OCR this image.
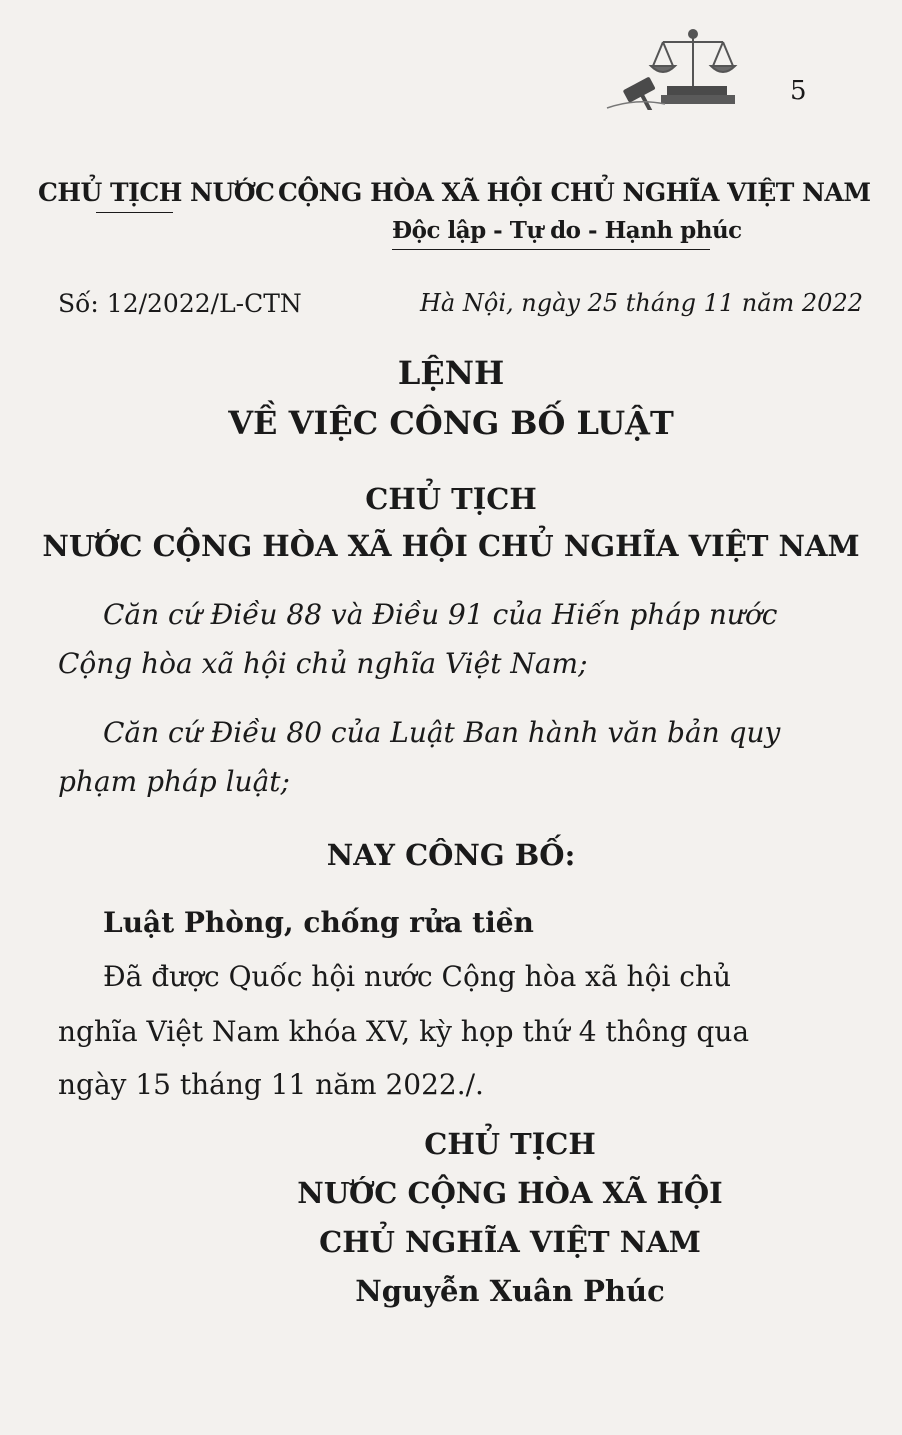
5
CHỦ TỊCH NƯỚC CỘNG HÒA XÃ HỘI CHỦ NGHĨA VIỆT NAM
Độc lập - Tự do - Hạnh phúc
Số: 12/2022/L-CTN	Hà Nội, ngày 25 tháng 11 năm 2022
LỆNH
VỀ VIỆC CÔNG BỐ LUẬT
CHỦ TỊCH
NƯỚC CỘNG HÒA XÃ HỘI CHỦ NGHĨA VIỆT NAM
Căn cứ Điều 88 và Điều 91 của Hiến pháp nước
Cộng hòa xã hội chủ nghĩa Việt Nam;
Căn cứ Điều 80 của Luật Ban hành văn bản quy
phạm pháp luật;
NAY CÔNG BỐ:
Luật Phòng, chống rửa tiền
Đã được Quốc hội nước Cộng hòa xã hội chủ
nghĩa Việt Nam khóa XV, kỳ họp thứ 4 thông qua
ngày 15 tháng 11 năm 2022./.
CHỦ TỊCH
NƯỚC CỘNG HÒA XÃ HỘI
CHỦ NGHĨA VIỆT NAM
Nguyễn Xuân Phúc
